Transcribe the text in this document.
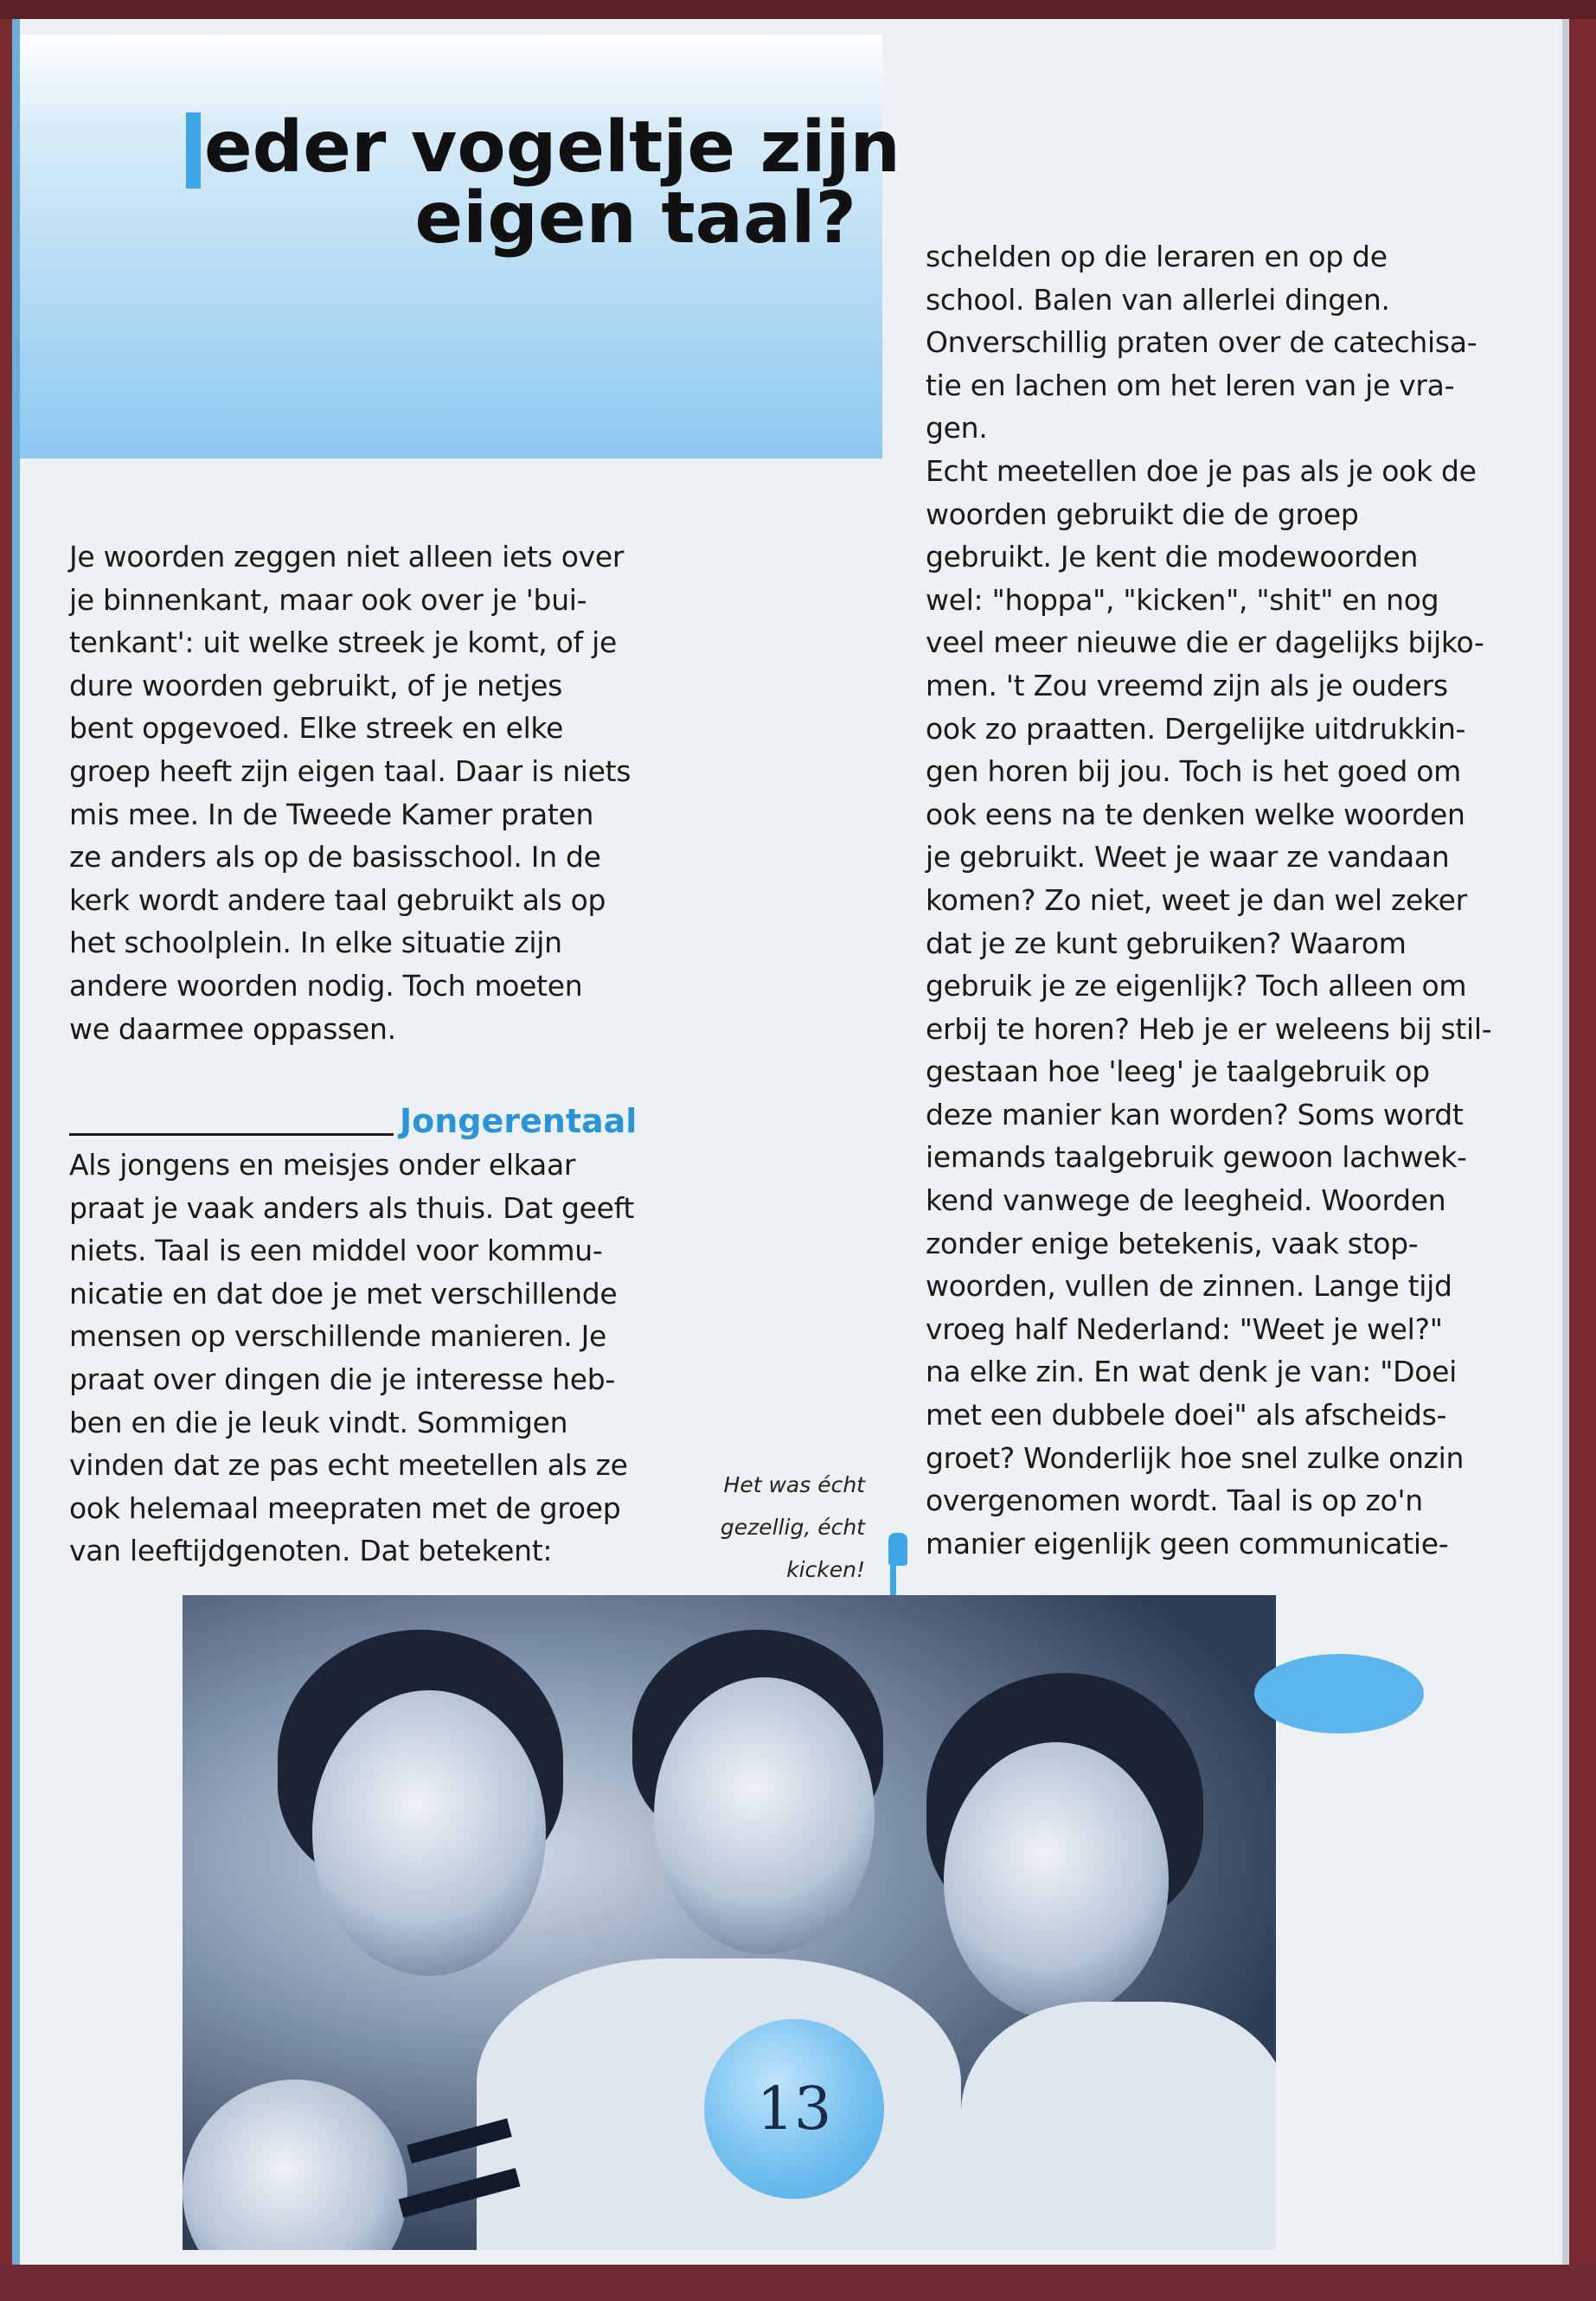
eder vogeltje zijn
eigen taal?
Je woorden zeggen niet alleen iets over
je binnenkant, maar ook over je 'bui-
tenkant': uit welke streek je komt, of je
dure woorden gebruikt, of je netjes
bent opgevoed. Elke streek en elke
groep heeft zijn eigen taal. Daar is niets
mis mee. In de Tweede Kamer praten
ze anders als op de basisschool. In de
kerk wordt andere taal gebruikt als op
het schoolplein. In elke situatie zijn
andere woorden nodig. Toch moeten
we daarmee oppassen.
Jongerentaal
Als jongens en meisjes onder elkaar
praat je vaak anders als thuis. Dat geeft
niets. Taal is een middel voor kommu-
nicatie en dat doe je met verschillende
mensen op verschillende manieren. Je
praat over dingen die je interesse heb-
ben en die je leuk vindt. Sommigen
vinden dat ze pas echt meetellen als ze
ook helemaal meepraten met de groep
van leeftijdgenoten. Dat betekent:
schelden op die leraren en op de
school. Balen van allerlei dingen.
Onverschillig praten over de catechisa-
tie en lachen om het leren van je vra-
gen.
Echt meetellen doe je pas als je ook de
woorden gebruikt die de groep
gebruikt. Je kent die modewoorden
wel: "hoppa", "kicken", "shit" en nog
veel meer nieuwe die er dagelijks bijko-
men. 't Zou vreemd zijn als je ouders
ook zo praatten. Dergelijke uitdrukkin-
gen horen bij jou. Toch is het goed om
ook eens na te denken welke woorden
je gebruikt. Weet je waar ze vandaan
komen? Zo niet, weet je dan wel zeker
dat je ze kunt gebruiken? Waarom
gebruik je ze eigenlijk? Toch alleen om
erbij te horen? Heb je er weleens bij stil-
gestaan hoe 'leeg' je taalgebruik op
deze manier kan worden? Soms wordt
iemands taalgebruik gewoon lachwek-
kend vanwege de leegheid. Woorden
zonder enige betekenis, vaak stop-
woorden, vullen de zinnen. Lange tijd
vroeg half Nederland: "Weet je wel?"
na elke zin. En wat denk je van: "Doei
met een dubbele doei" als afscheids-
groet? Wonderlijk hoe snel zulke onzin
overgenomen wordt. Taal is op zo'n
manier eigenlijk geen communicatie-
Het was écht
gezellig, écht
kicken!
13
